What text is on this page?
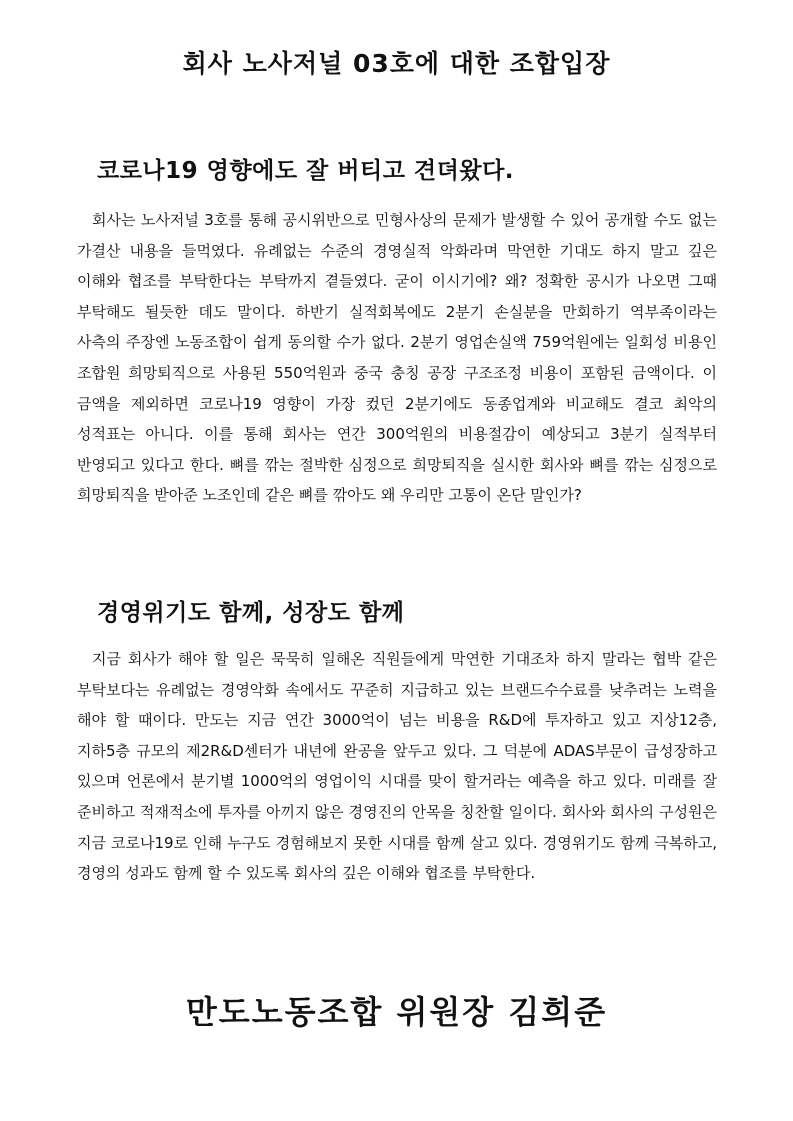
회사 노사저널 03호에 대한 조합입장
코로나19 영향에도 잘 버티고 견뎌왔다.

회사는 노사저널 3호를 통해 공시위반으로 민형사상의 문제가 발생할 수 있어 공개할 수도 없는 가결산 내용을 들먹였다. 유례없는 수준의 경영실적 악화라며 막연한 기대도 하지 말고 깊은 이해와 협조를 부탁한다는 부탁까지 곁들였다. 굳이 이시기에? 왜? 정확한 공시가 나오면 그때 부탁해도 될듯한 데도 말이다. 하반기 실적회복에도 2분기 손실분을 만회하기 역부족이라는 사측의 주장엔 노동조합이 쉽게 동의할 수가 없다. 2분기 영업손실액 759억원에는 일회성 비용인 조합원 희망퇴직으로 사용된 550억원과 중국 충칭 공장 구조조정 비용이 포함된 금액이다. 이 금액을 제외하면 코로나19 영향이 가장 컸던 2분기에도 동종업계와 비교해도 결코 최악의 성적표는 아니다. 이를 통해 회사는 연간 300억원의 비용절감이 예상되고 3분기 실적부터 반영되고 있다고 한다. 뼈를 깎는 절박한 심정으로 희망퇴직을 실시한 회사와 뼈를 깎는 심정으로 희망퇴직을 받아준 노조인데 같은 뼈를 깎아도 왜 우리만 고통이 온단 말인가?

경영위기도 함께, 성장도 함께

지금 회사가 해야 할 일은 묵묵히 일해온 직원들에게 막연한 기대조차 하지 말라는 협박 같은 부탁보다는 유례없는 경영악화 속에서도 꾸준히 지급하고 있는 브랜드수수료를 낮추려는 노력을 해야 할 때이다. 만도는 지금 연간 3000억이 넘는 비용을 R&D에 투자하고 있고 지상12층, 지하5층 규모의 제2R&D센터가 내년에 완공을 앞두고 있다. 그 덕분에 ADAS부문이 급성장하고 있으며 언론에서 분기별 1000억의 영업이익 시대를 맞이 할거라는 예측을 하고 있다. 미래를 잘 준비하고 적재적소에 투자를 아끼지 않은 경영진의 안목을 칭찬할 일이다. 회사와 회사의 구성원은 지금 코로나19로 인해 누구도 경험해보지 못한 시대를 함께 살고 있다. 경영위기도 함께 극복하고, 경영의 성과도 함께 할 수 있도록 회사의 깊은 이해와 협조를 부탁한다.

만도노동조합 위원장 김희준
